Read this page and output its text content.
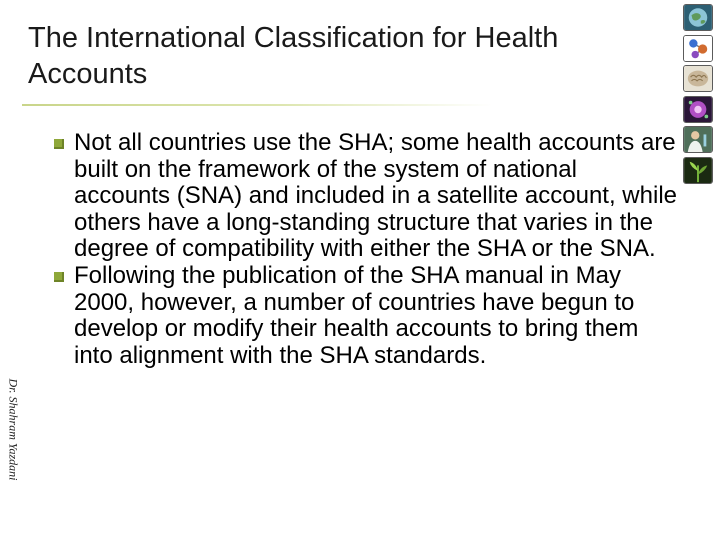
The International Classification for Health Accounts
Not all countries use the SHA; some health accounts are built on the framework of the system of national accounts (SNA) and included in a satellite account, while others have a long-standing structure that varies in the degree of compatibility with either the SHA or the SNA.
Following the publication of the SHA manual in May 2000, however, a number of countries have begun to develop or modify their health accounts to bring them into alignment with the SHA standards.
Dr. Shahram Yazdani
